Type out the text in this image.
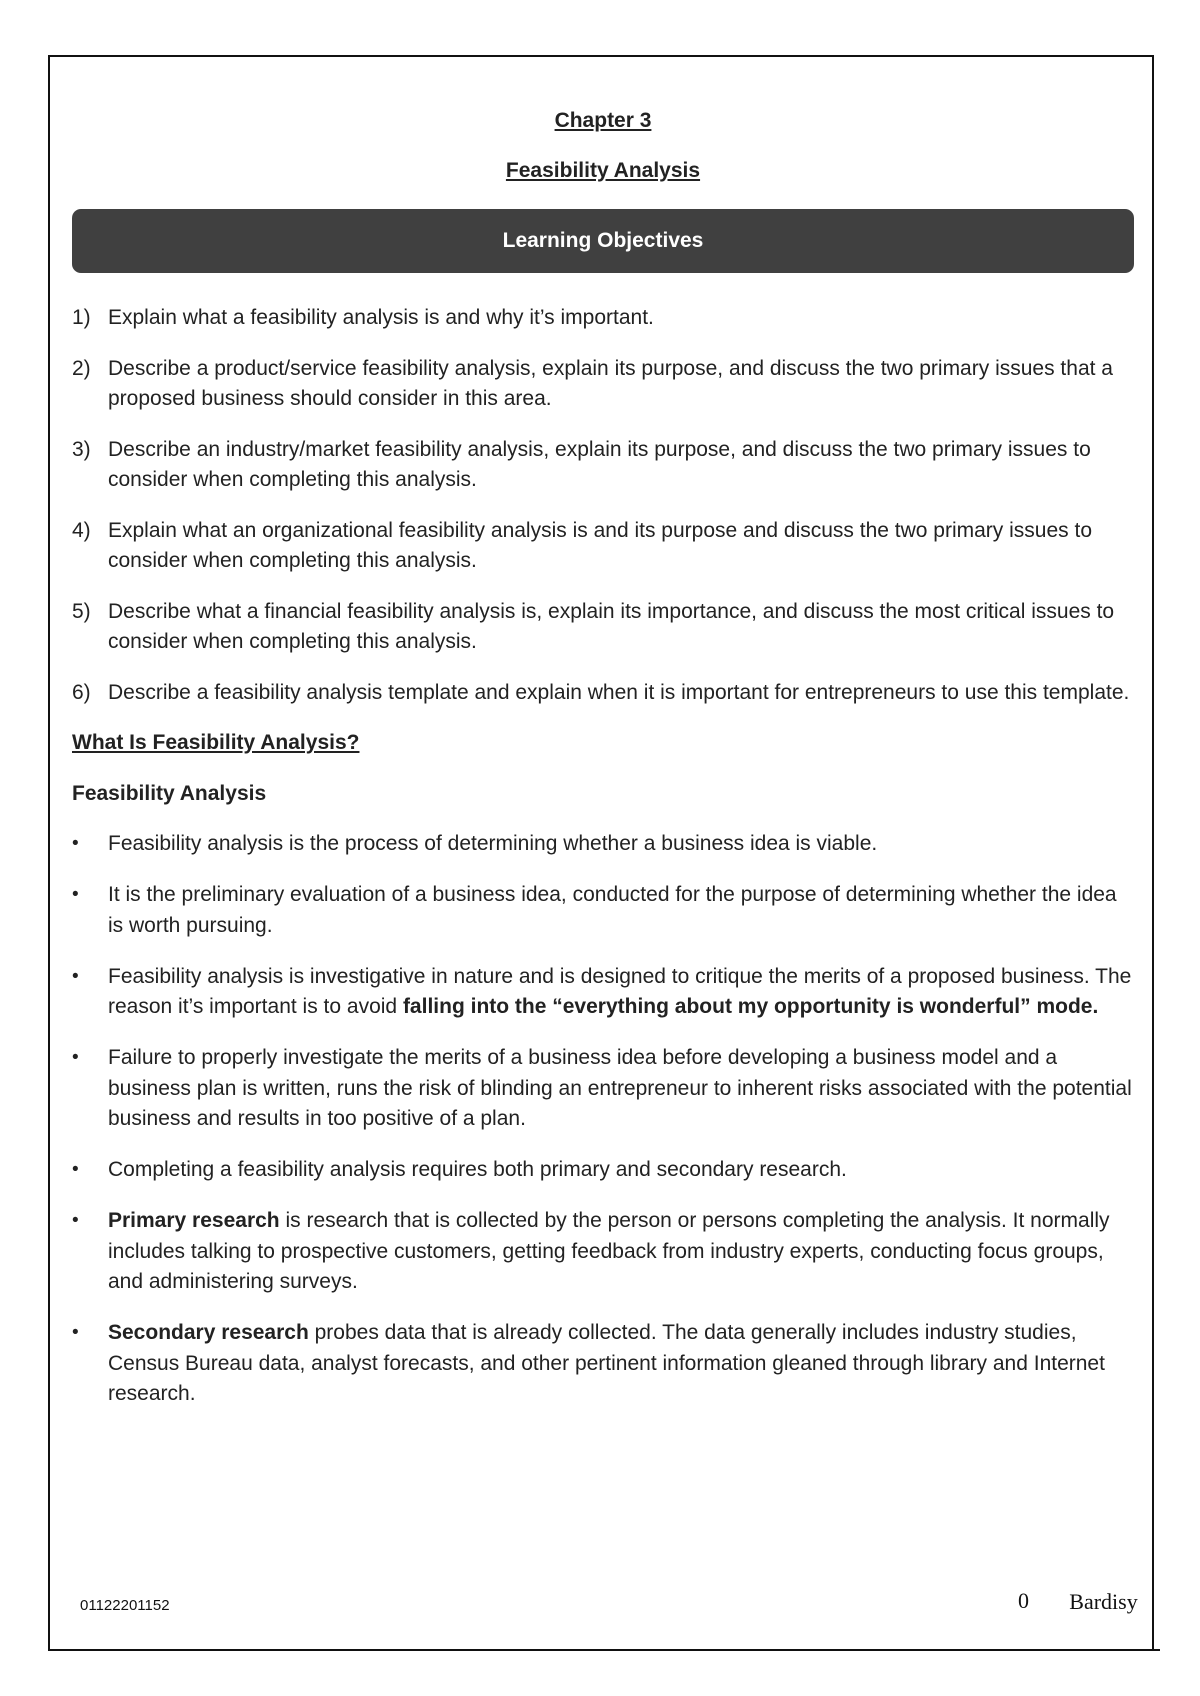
Chapter 3
Feasibility Analysis
Learning Objectives
1) Explain what a feasibility analysis is and why it’s important.
2) Describe a product/service feasibility analysis, explain its purpose, and discuss the two primary issues that a proposed business should consider in this area.
3) Describe an industry/market feasibility analysis, explain its purpose, and discuss the two primary issues to consider when completing this analysis.
4) Explain what an organizational feasibility analysis is and its purpose and discuss the two primary issues to consider when completing this analysis.
5) Describe what a financial feasibility analysis is, explain its importance, and discuss the most critical issues to consider when completing this analysis.
6) Describe a feasibility analysis template and explain when it is important for entrepreneurs to use this template.
What Is Feasibility Analysis?
Feasibility Analysis
• Feasibility analysis is the process of determining whether a business idea is viable.
• It is the preliminary evaluation of a business idea, conducted for the purpose of determining whether the idea is worth pursuing.
• Feasibility analysis is investigative in nature and is designed to critique the merits of a proposed business. The reason it’s important is to avoid falling into the “everything about my opportunity is wonderful” mode.
• Failure to properly investigate the merits of a business idea before developing a business model and a business plan is written, runs the risk of blinding an entrepreneur to inherent risks associated with the potential business and results in too positive of a plan.
• Completing a feasibility analysis requires both primary and secondary research.
• Primary research is research that is collected by the person or persons completing the analysis. It normally includes talking to prospective customers, getting feedback from industry experts, conducting focus groups, and administering surveys.
• Secondary research probes data that is already collected. The data generally includes industry studies, Census Bureau data, analyst forecasts, and other pertinent information gleaned through library and Internet research.
01122201152	0 Bardisy
